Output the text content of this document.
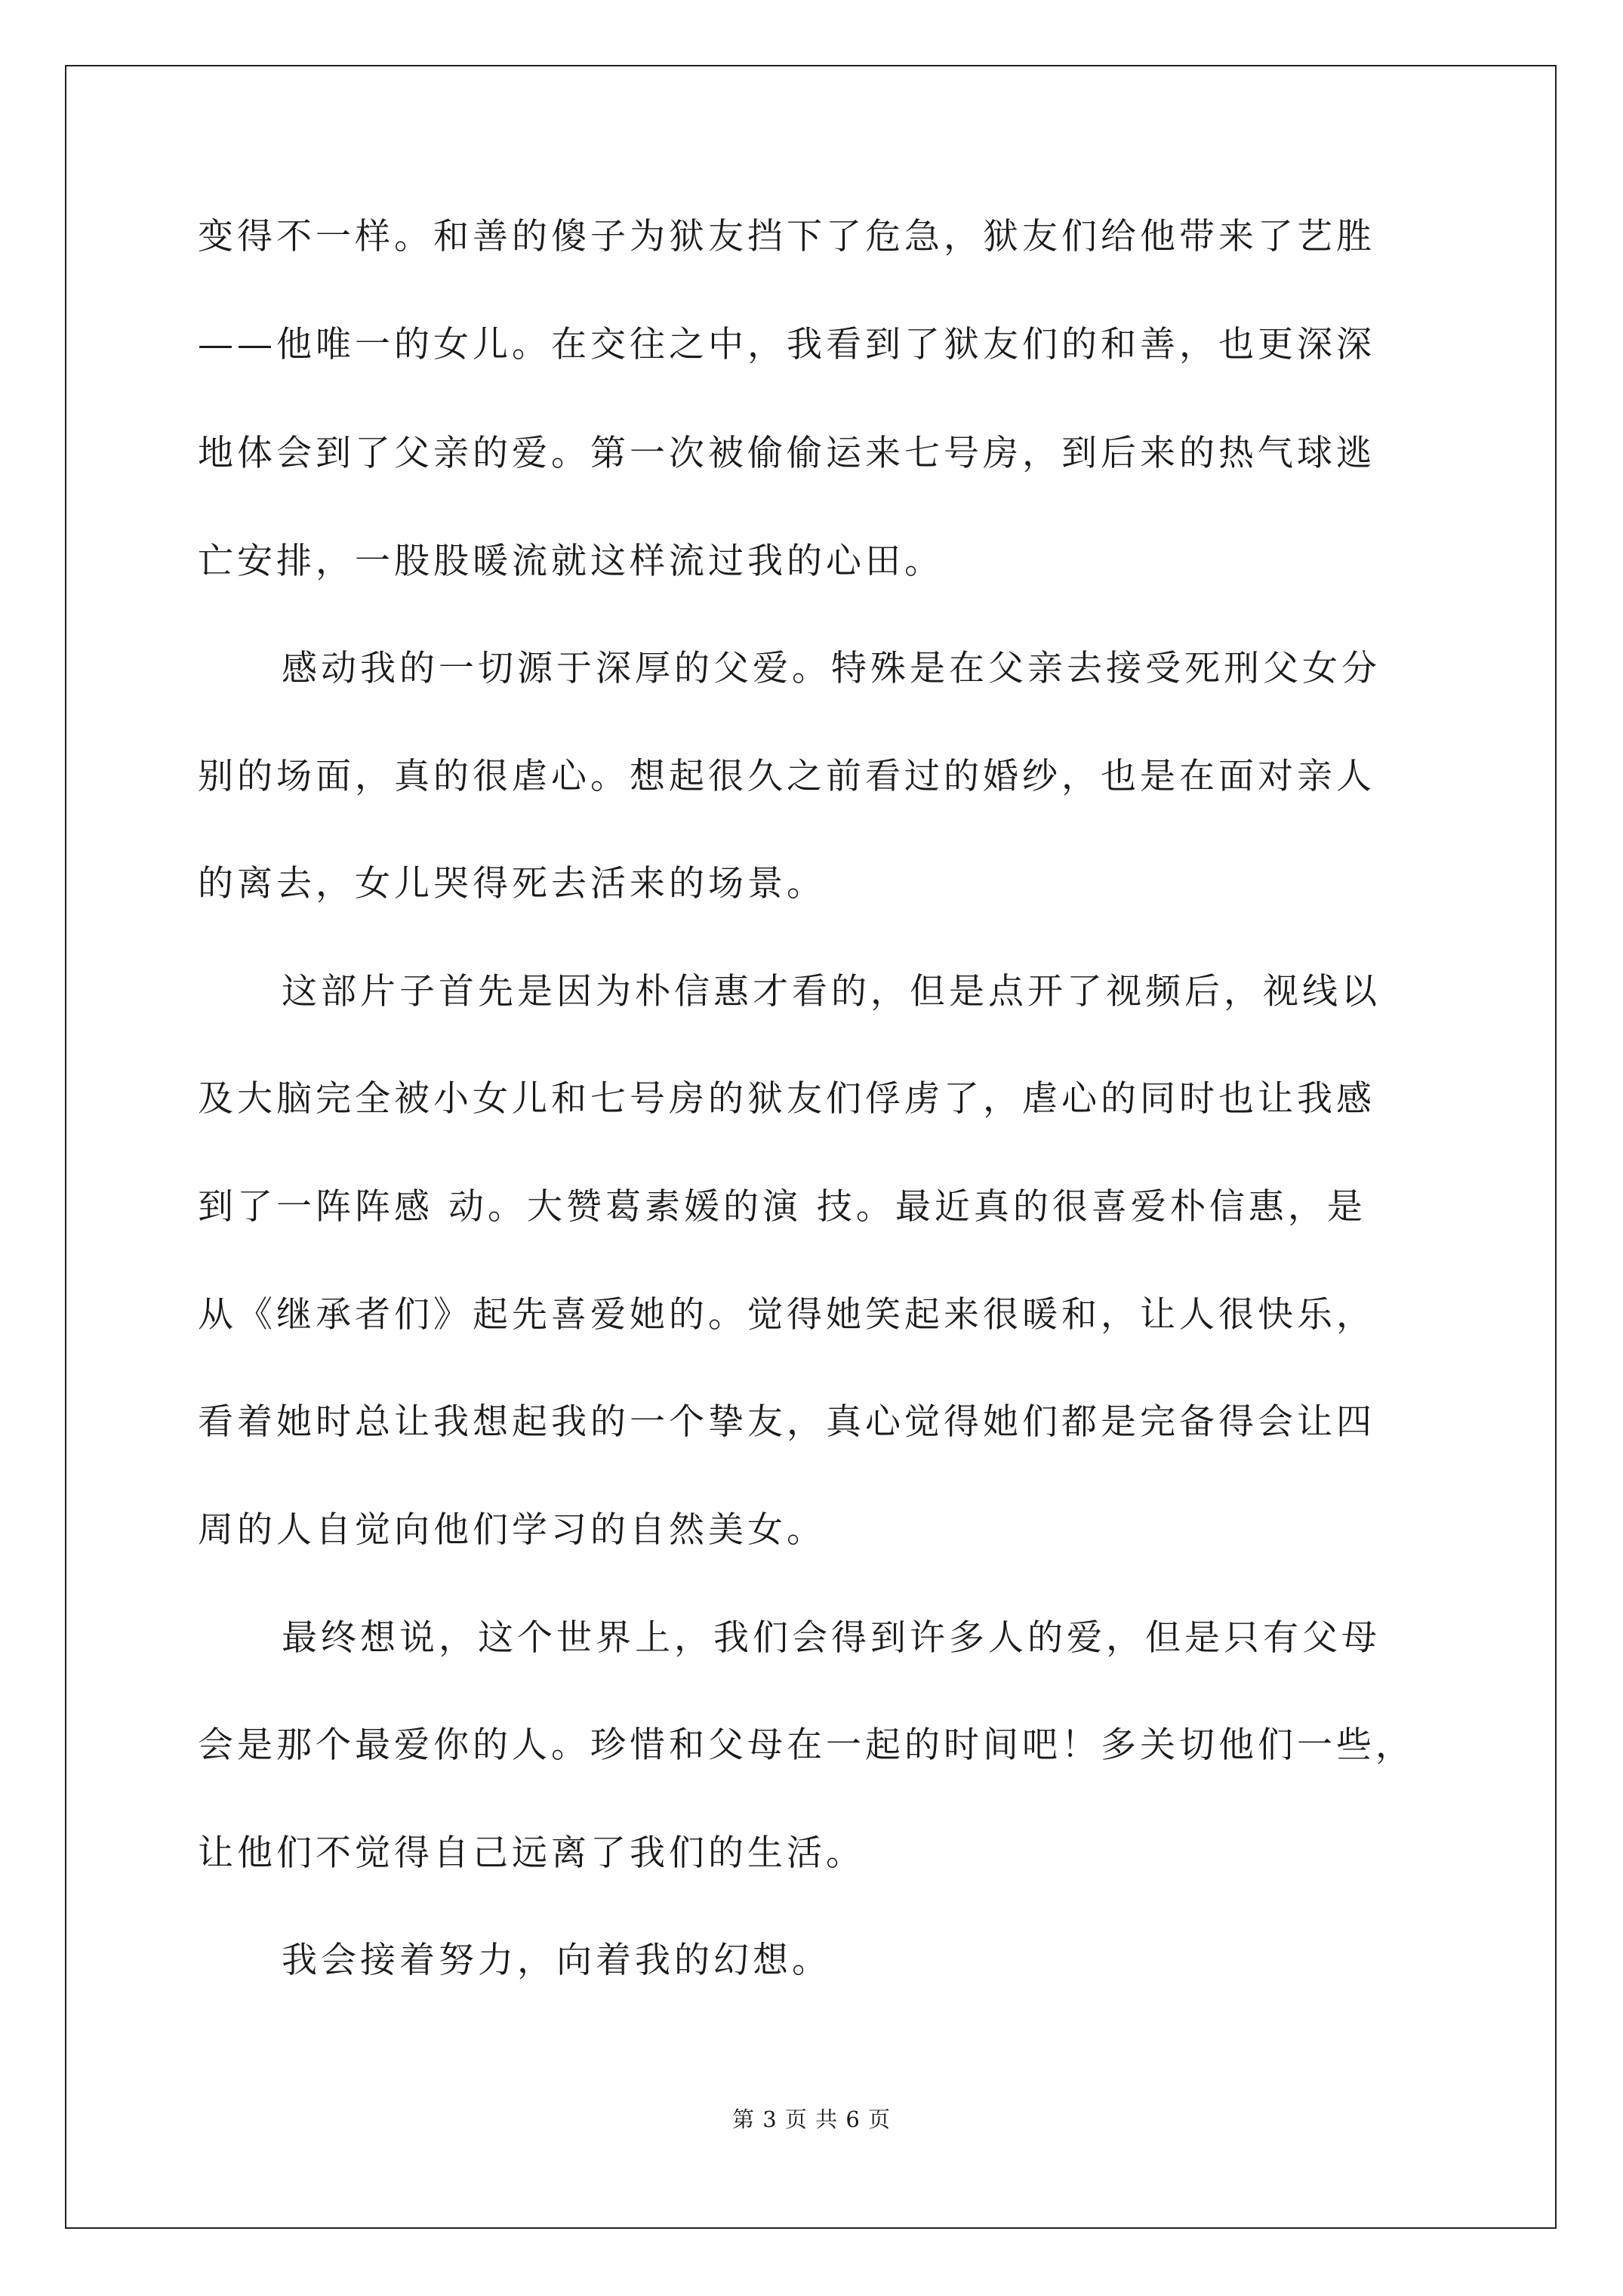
变得不一样。和善的傻子为狱友挡下了危急，狱友们给他带来了艺胜
——他唯一的女儿。在交往之中，我看到了狱友们的和善，也更深深
地体会到了父亲的爱。第一次被偷偷运来七号房，到后来的热气球逃
亡安排，一股股暖流就这样流过我的心田。
感动我的一切源于深厚的父爱。特殊是在父亲去接受死刑父女分
别的场面，真的很虐心。想起很久之前看过的婚纱，也是在面对亲人
的离去，女儿哭得死去活来的场景。
这部片子首先是因为朴信惠才看的，但是点开了视频后，视线以
及大脑完全被小女儿和七号房的狱友们俘虏了，虐心的同时也让我感
到了一阵阵感 动。大赞葛素媛的演 技。最近真的很喜爱朴信惠，是
从《继承者们》起先喜爱她的。觉得她笑起来很暖和，让人很快乐，
看着她时总让我想起我的一个挚友，真心觉得她们都是完备得会让四
周的人自觉向他们学习的自然美女。
最终想说，这个世界上，我们会得到许多人的爱，但是只有父母
会是那个最爱你的人。珍惜和父母在一起的时间吧！多关切他们一些，
让他们不觉得自己远离了我们的生活。
我会接着努力，向着我的幻想。
第 3 页 共 6 页
